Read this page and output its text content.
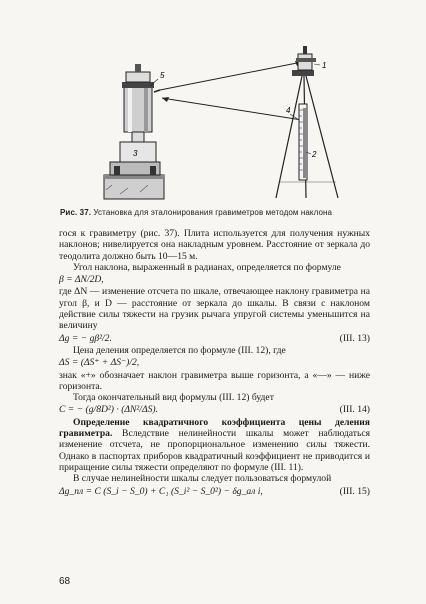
3
5
1
4
2
Рис. 37. Установка для эталонирования гравиметров методом наклона

гося к гравиметру (рис. 37). Плита используется для получения нужных наклонов; нивелируется она накладным уровнем. Расстояние от зеркала до теодолита должно быть 10—15 м.

Угол наклона, выраженный в радианах, определяется по формуле

β = ΔN/2D,

где ΔN — изменение отсчета по шкале, отвечающее наклону гравиметра на угол β, и D — расстояние от зеркала до шкалы. В связи с наклоном действие силы тяжести на грузик рычага упругой системы уменьшится на величину

Δg = − gβ²/2.	(III. 13)

Цена деления определяется по формуле (III. 12), где

ΔS = (ΔS⁺ + ΔS⁻)/2,

знак «+» обозначает наклон гравиметра выше горизонта, а «—» — ниже горизонта.

Тогда окончательный вид формулы (III. 12) будет

C = − (g/8D²) · (ΔN²/ΔS).	(III. 14)

Определение квадратичного коэффициента цены деления гравиметра. Вследствие нелинейности шкалы может наблюдаться изменение отсчета, не пропорциональное изменению силы тяжести. Однако в паспортах приборов квадратичный коэффициент не приводится и приращение силы тяжести определяют по формуле (III. 11).

В случае нелинейности шкалы следует пользоваться формулой

Δg_пл = C (S_i − S_0) + C₁ (S_i² − S_0²) − δg_ал i,	(III. 15)
68
